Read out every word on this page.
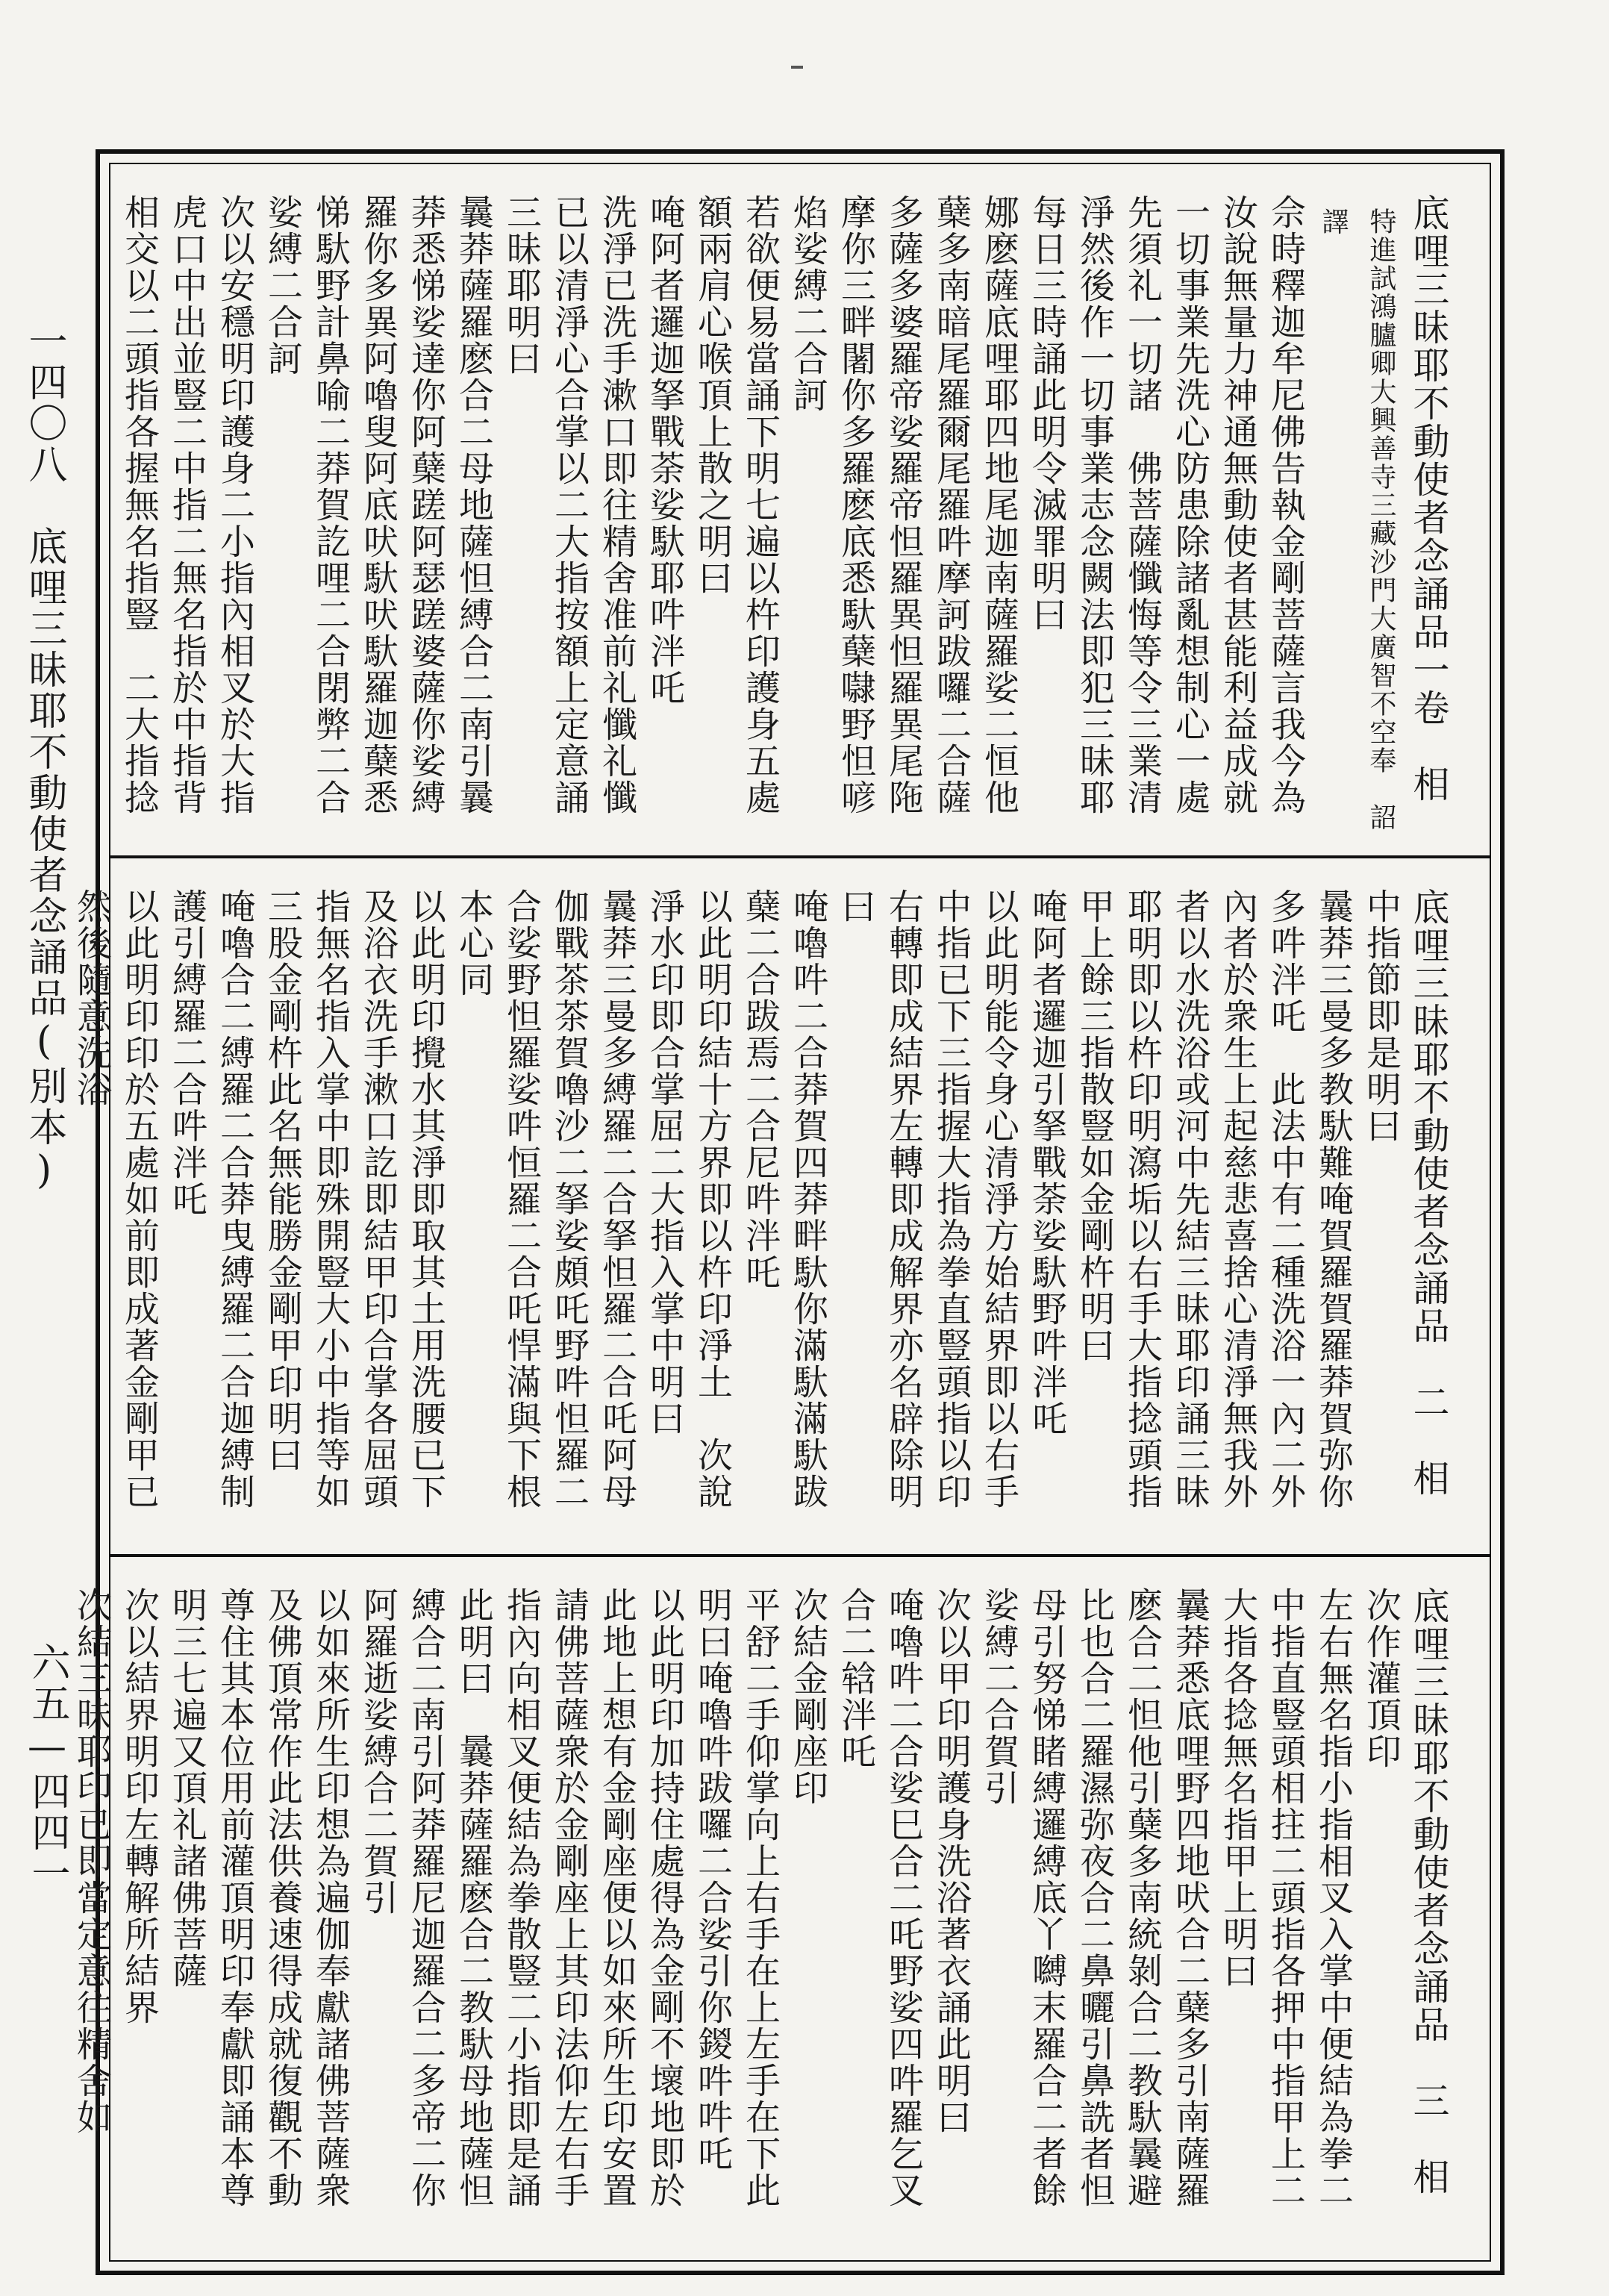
一四〇八　底哩三昧耶不動使者念誦品(別本)
六五—四四一

底哩三昧耶不動使者念誦品一卷　相

特進試鴻臚卿大興善寺三藏沙門大廣智不空奉　詔譯

佘時釋迦牟尼佛告執金剛菩薩言我今為汝說無量力神通無動使者甚能利益成就一切事業先洗心防患除諸亂想制心一處先須礼一切諸　佛菩薩懺悔等令三業清淨然後作一切事業志念闕法即犯三昧耶每日三時誦此明令滅罪明曰

娜麽薩底哩耶四地尾迦南薩羅娑二恒他蘖多南暗尾羅爾尾羅吽摩訶跋囉二合薩多薩多婆羅帝娑羅帝怛羅異怛羅異尾陁摩你三畔闍你多羅麽底悉馱蘖㘑野怛喭焰娑縛二合訶

若欲便易當誦下明七遍以杵印護身五處額兩肩心喉頂上散之明曰

唵阿者邏迦拏戰荼娑馱耶吽泮吒

洗淨已洗手漱口即往精舍准前礼懺礼懺已以清淨心合掌以二大指按額上定意誦三昧耶明曰

曩莽薩羅麽合二母地薩怛縛合二南引曩莽悉悌娑達你阿蘖蹉阿瑟蹉婆薩你娑縛羅你多異阿嚕叟阿底吠馱吠馱羅迦蘖悉悌馱野計鼻喻二莽賀訖哩二合閉弊二合娑縛二合訶

次以安穩明印護身二小指內相叉於大指虎口中出並豎二中指二無名指於中指背相交以二頭指各握無名指豎　二大指捻

底哩三昧耶不動使者念誦品　二　相

中指節即是明曰

曩莽三曼多教馱難唵賀羅賀羅莽賀弥你多吽泮吒　此法中有二種洗浴一內二外內者於衆生上起慈悲喜捨心清淨無我外者以水洗浴或河中先結三昧耶印誦三昧耶明即以杵印明瀉垢以右手大指捻頭指甲上餘三指散豎如金剛杵明曰

唵阿者邏迦引拏戰荼娑馱野吽泮吒

以此明能令身心清淨方始結界即以右手中指已下三指握大指為拳直豎頭指以印右轉即成結界左轉即成解界亦名辟除明曰

唵嚕吽二合莽賀四莽畔馱你滿馱滿馱跋蘖二合跋焉二合尼吽泮吒

以此明印結十方界即以杵印淨土　次說淨水印即合掌屈二大指入掌中明曰

曩莽三曼多縛羅二合拏怛羅二合吒阿母伽戰茶茶賀嚕沙二拏娑頗吒野吽怛羅二合娑野怛羅娑吽恒羅二合吒悍滿與下根本心同

以此明印攪水其淨即取其土用洗腰已下及浴衣洗手漱口訖即結甲印合掌各屈頭指無名指入掌中即殊開豎大小中指等如三股金剛杵此名無能勝金剛甲印明曰

唵嚕合二縛羅二合莽曳縛羅二合迦縛制護引縛羅二合吽泮吒

以此明印印於五處如前即成著金剛甲已然後隨意洗浴

底哩三昧耶不動使者念誦品　三　相

次作灌頂印

左右無名指小指相叉入掌中便結為拳二中指直豎頭相拄二頭指各押中指甲上二大指各捻無名指甲上明曰

曩莽悉底哩野四地吠合二蘖多引南薩羅麽合二怛他引蘖多南統剝合二教馱曩避比也合二羅濕弥夜合二鼻曬引鼻詵者怛母引努悌睹縛邏縛底丫嚩末羅合二者餘娑縛二合賀引

次以甲印明護身洗浴著衣誦此明曰

唵嚕吽二合娑巳合二吒野娑四吽羅乞叉合二𤚥泮吒

次結金剛座印

平舒二手仰掌向上右手在上左手在下此明曰唵嚕吽跋囉二合娑引你鍐吽吽吒

以此明印加持住處得為金剛不壞地即於此地上想有金剛座便以如來所生印安置請佛菩薩衆於金剛座上其印法仰左右手指內向相叉便結為拳散豎二小指即是誦此明曰　曩莽薩羅麽合二教馱母地薩怛縛合二南引阿莽羅尼迦羅合二多帝二你阿羅逝娑縛合二賀引

以如來所生印想為遍伽奉獻諸佛菩薩衆及佛頂常作此法供養速得成就復觀不動尊住其本位用前灌頂明印奉獻即誦本尊明三七遍又頂礼諸佛菩薩

次以結界明印左轉解所結界

次結三昧耶印已即當定意往精舍如
